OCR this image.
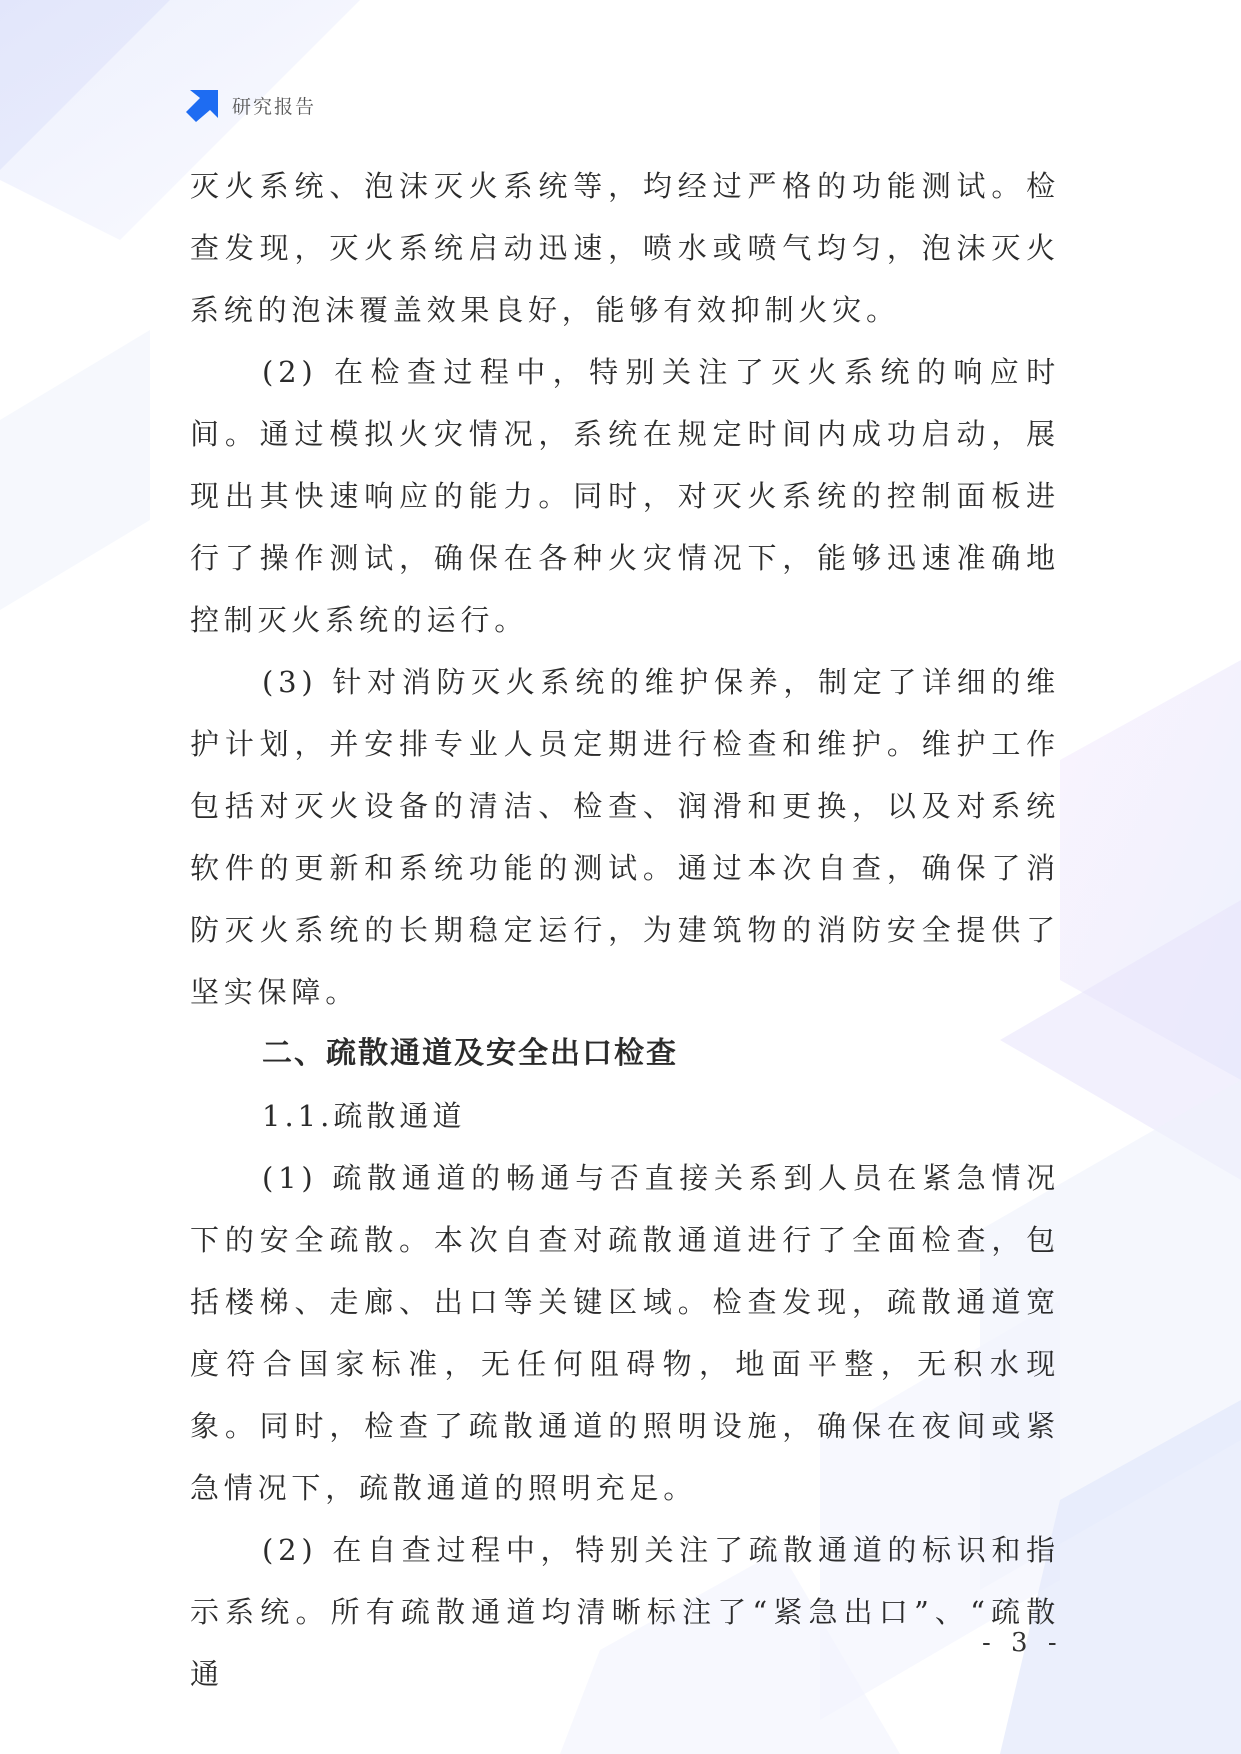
研究报告

灭火系统、泡沫灭火系统等，均经过严格的功能测试。检查发现，灭火系统启动迅速，喷水或喷气均匀，泡沫灭火系统的泡沫覆盖效果良好，能够有效抑制火灾。

(2) 在检查过程中，特别关注了灭火系统的响应时间。通过模拟火灾情况，系统在规定时间内成功启动，展现出其快速响应的能力。同时，对灭火系统的控制面板进行了操作测试，确保在各种火灾情况下，能够迅速准确地控制灭火系统的运行。

(3) 针对消防灭火系统的维护保养，制定了详细的维护计划，并安排专业人员定期进行检查和维护。维护工作包括对灭火设备的清洁、检查、润滑和更换，以及对系统软件的更新和系统功能的测试。通过本次自查，确保了消防灭火系统的长期稳定运行，为建筑物的消防安全提供了坚实保障。

二、疏散通道及安全出口检查

1.1.疏散通道

(1) 疏散通道的畅通与否直接关系到人员在紧急情况下的安全疏散。本次自查对疏散通道进行了全面检查，包括楼梯、走廊、出口等关键区域。检查发现，疏散通道宽度符合国家标准，无任何阻碍物，地面平整，无积水现象。同时，检查了疏散通道的照明设施，确保在夜间或紧急情况下，疏散通道的照明充足。

(2) 在自查过程中，特别关注了疏散通道的标识和指示系统。所有疏散通道均清晰标注了“紧急出口”、“疏散通

- 3 -
